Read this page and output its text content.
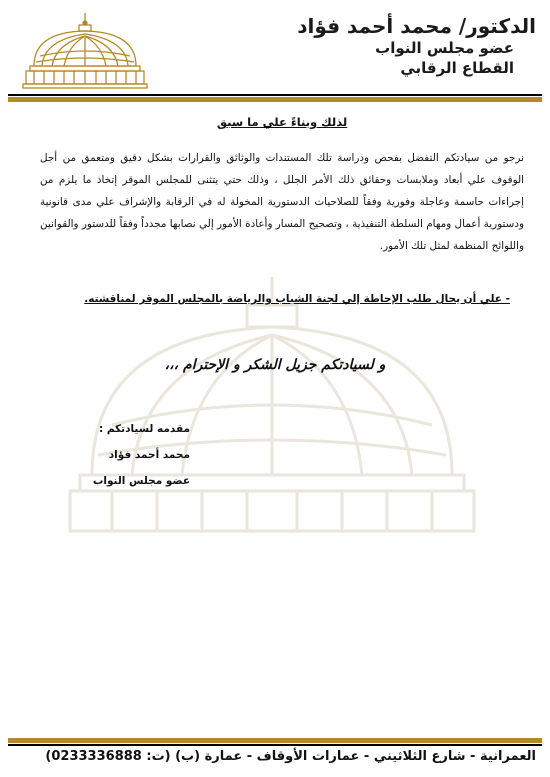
الدكتور/ محمد أحمد فؤاد
عضو مجلس النواب
القطاع الرقابي
لذلك وبناءً علي ما سبق
نرجو من سيادتكم التفضل بفحص ودراسة تلك المستندات والوثائق والقرارات بشكل دقيق ومتعمق من أجل الوقوف علي أبعاد وملابسات وحقائق ذلك الأمر الجلل ، وذلك حتي يتثنى للمجلس الموقر إتخاذ ما يلزم من إجراءات حاسمة وعاجلة وفورية وفقاً للصلاحيات الدستورية المخولة له في الرقابة والإشراف علي مدى قانونية ودستورية أعمال ومهام السلطة التنفيذية ، وتصحيح المسار وأعادة الأمور إلي نصابها مجدداً وفقاً للدستور والقوانين واللوائح المنظمة لمثل تلك الأمور.
- علي أن يحال طلب الإحاطة إلي لجنة الشباب والرياضة بالمجلس الموقر لمناقشته.
و لسيادتكم جزيل الشكر و الإحترام ،،،
مقدمه لسيادتكم :
محمد أحمد فؤاد
عضو مجلس النواب
العمرانية - شارع الثلاثيني - عمارات الأوقاف - عمارة (ب) (ت: 0233336888)
